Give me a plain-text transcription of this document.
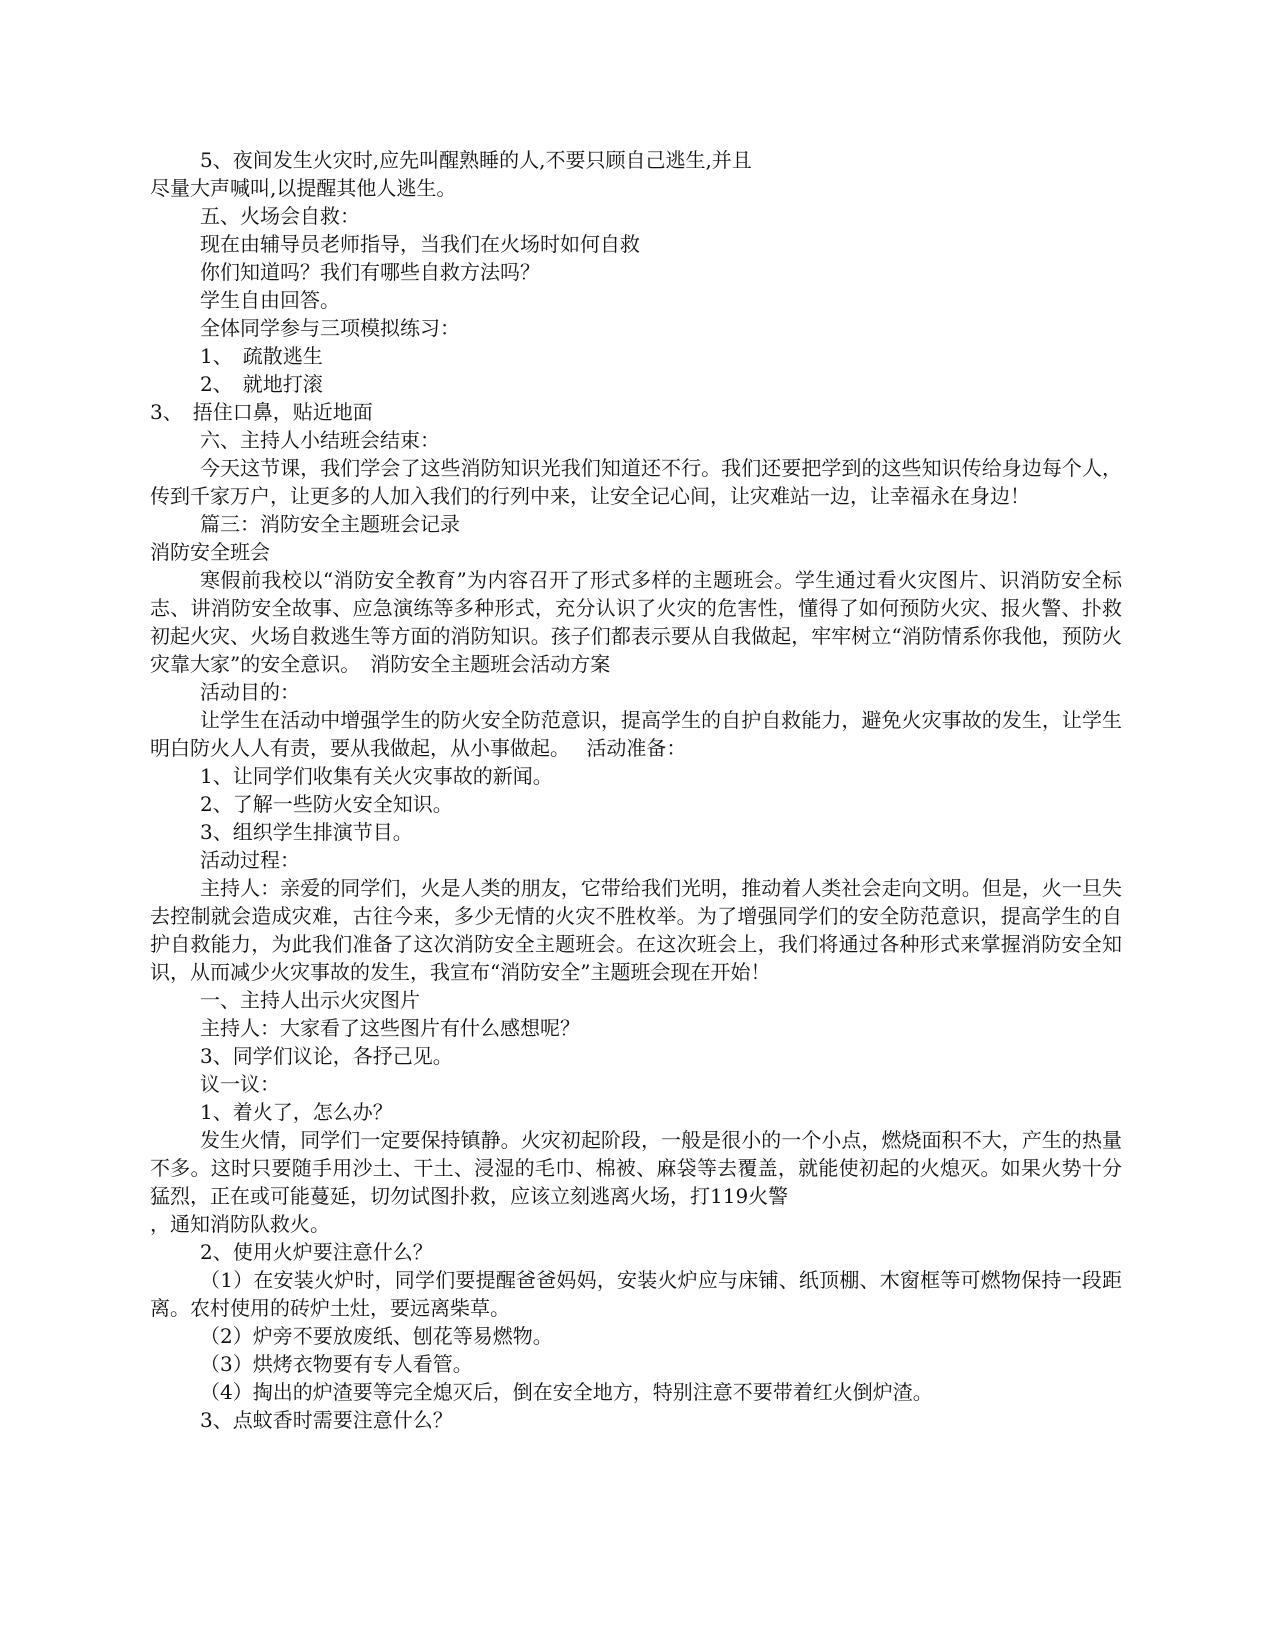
5、夜间发生火灾时,应先叫醒熟睡的人,不要只顾自己逃生,并且

尽量大声喊叫,以提醒其他人逃生。

五、火场会自救：

现在由辅导员老师指导，当我们在火场时如何自救

你们知道吗？我们有哪些自救方法吗？

学生自由回答。

全体同学参与三项模拟练习：

1、　疏散逃生

2、　就地打滚

3、　捂住口鼻，贴近地面

六、主持人小结班会结束：

今天这节课，我们学会了这些消防知识光我们知道还不行。我们还要把学到的这些知识传给身边每个人，传到千家万户，让更多的人加入我们的行列中来，让安全记心间，让灾难站一边，让幸福永在身边！

篇三：消防安全主题班会记录

消防安全班会

寒假前我校以“消防安全教育”为内容召开了形式多样的主题班会。学生通过看火灾图片、识消防安全标志、讲消防安全故事、应急演练等多种形式，充分认识了火灾的危害性，懂得了如何预防火灾、报火警、扑救初起火灾、火场自救逃生等方面的消防知识。孩子们都表示要从自我做起，牢牢树立“消防情系你我他，预防火灾靠大家”的安全意识。　消防安全主题班会活动方案

活动目的：

让学生在活动中增强学生的防火安全防范意识，提高学生的自护自救能力，避免火灾事故的发生，让学生明白防火人人有责，要从我做起，从小事做起。　 活动准备：

1、让同学们收集有关火灾事故的新闻。

2、了解一些防火安全知识。

3、组织学生排演节目。

活动过程：

主持人：亲爱的同学们，火是人类的朋友，它带给我们光明，推动着人类社会走向文明。但是，火一旦失去控制就会造成灾难，古往今来，多少无情的火灾不胜枚举。为了增强同学们的安全防范意识，提高学生的自护自救能力，为此我们准备了这次消防安全主题班会。在这次班会上，我们将通过各种形式来掌握消防安全知识，从而减少火灾事故的发生，我宣布“消防安全”主题班会现在开始！

一、主持人出示火灾图片

主持人：大家看了这些图片有什么感想呢？

3、同学们议论，各抒己见。

议一议：

1、着火了，怎么办？

发生火情，同学们一定要保持镇静。火灾初起阶段，一般是很小的一个小点，燃烧面积不大，产生的热量不多。这时只要随手用沙土、干土、浸湿的毛巾、棉被、麻袋等去覆盖，就能使初起的火熄灭。如果火势十分猛烈，正在或可能蔓延，切勿试图扑救，应该立刻逃离火场，打119火警

，通知消防队救火。

2、使用火炉要注意什么？

（1）在安装火炉时，同学们要提醒爸爸妈妈，安装火炉应与床铺、纸顶棚、木窗框等可燃物保持一段距离。农村使用的砖炉土灶，要远离柴草。

（2）炉旁不要放废纸、刨花等易燃物。

（3）烘烤衣物要有专人看管。

（4）掏出的炉渣要等完全熄灭后，倒在安全地方，特别注意不要带着红火倒炉渣。

3、点蚊香时需要注意什么？
